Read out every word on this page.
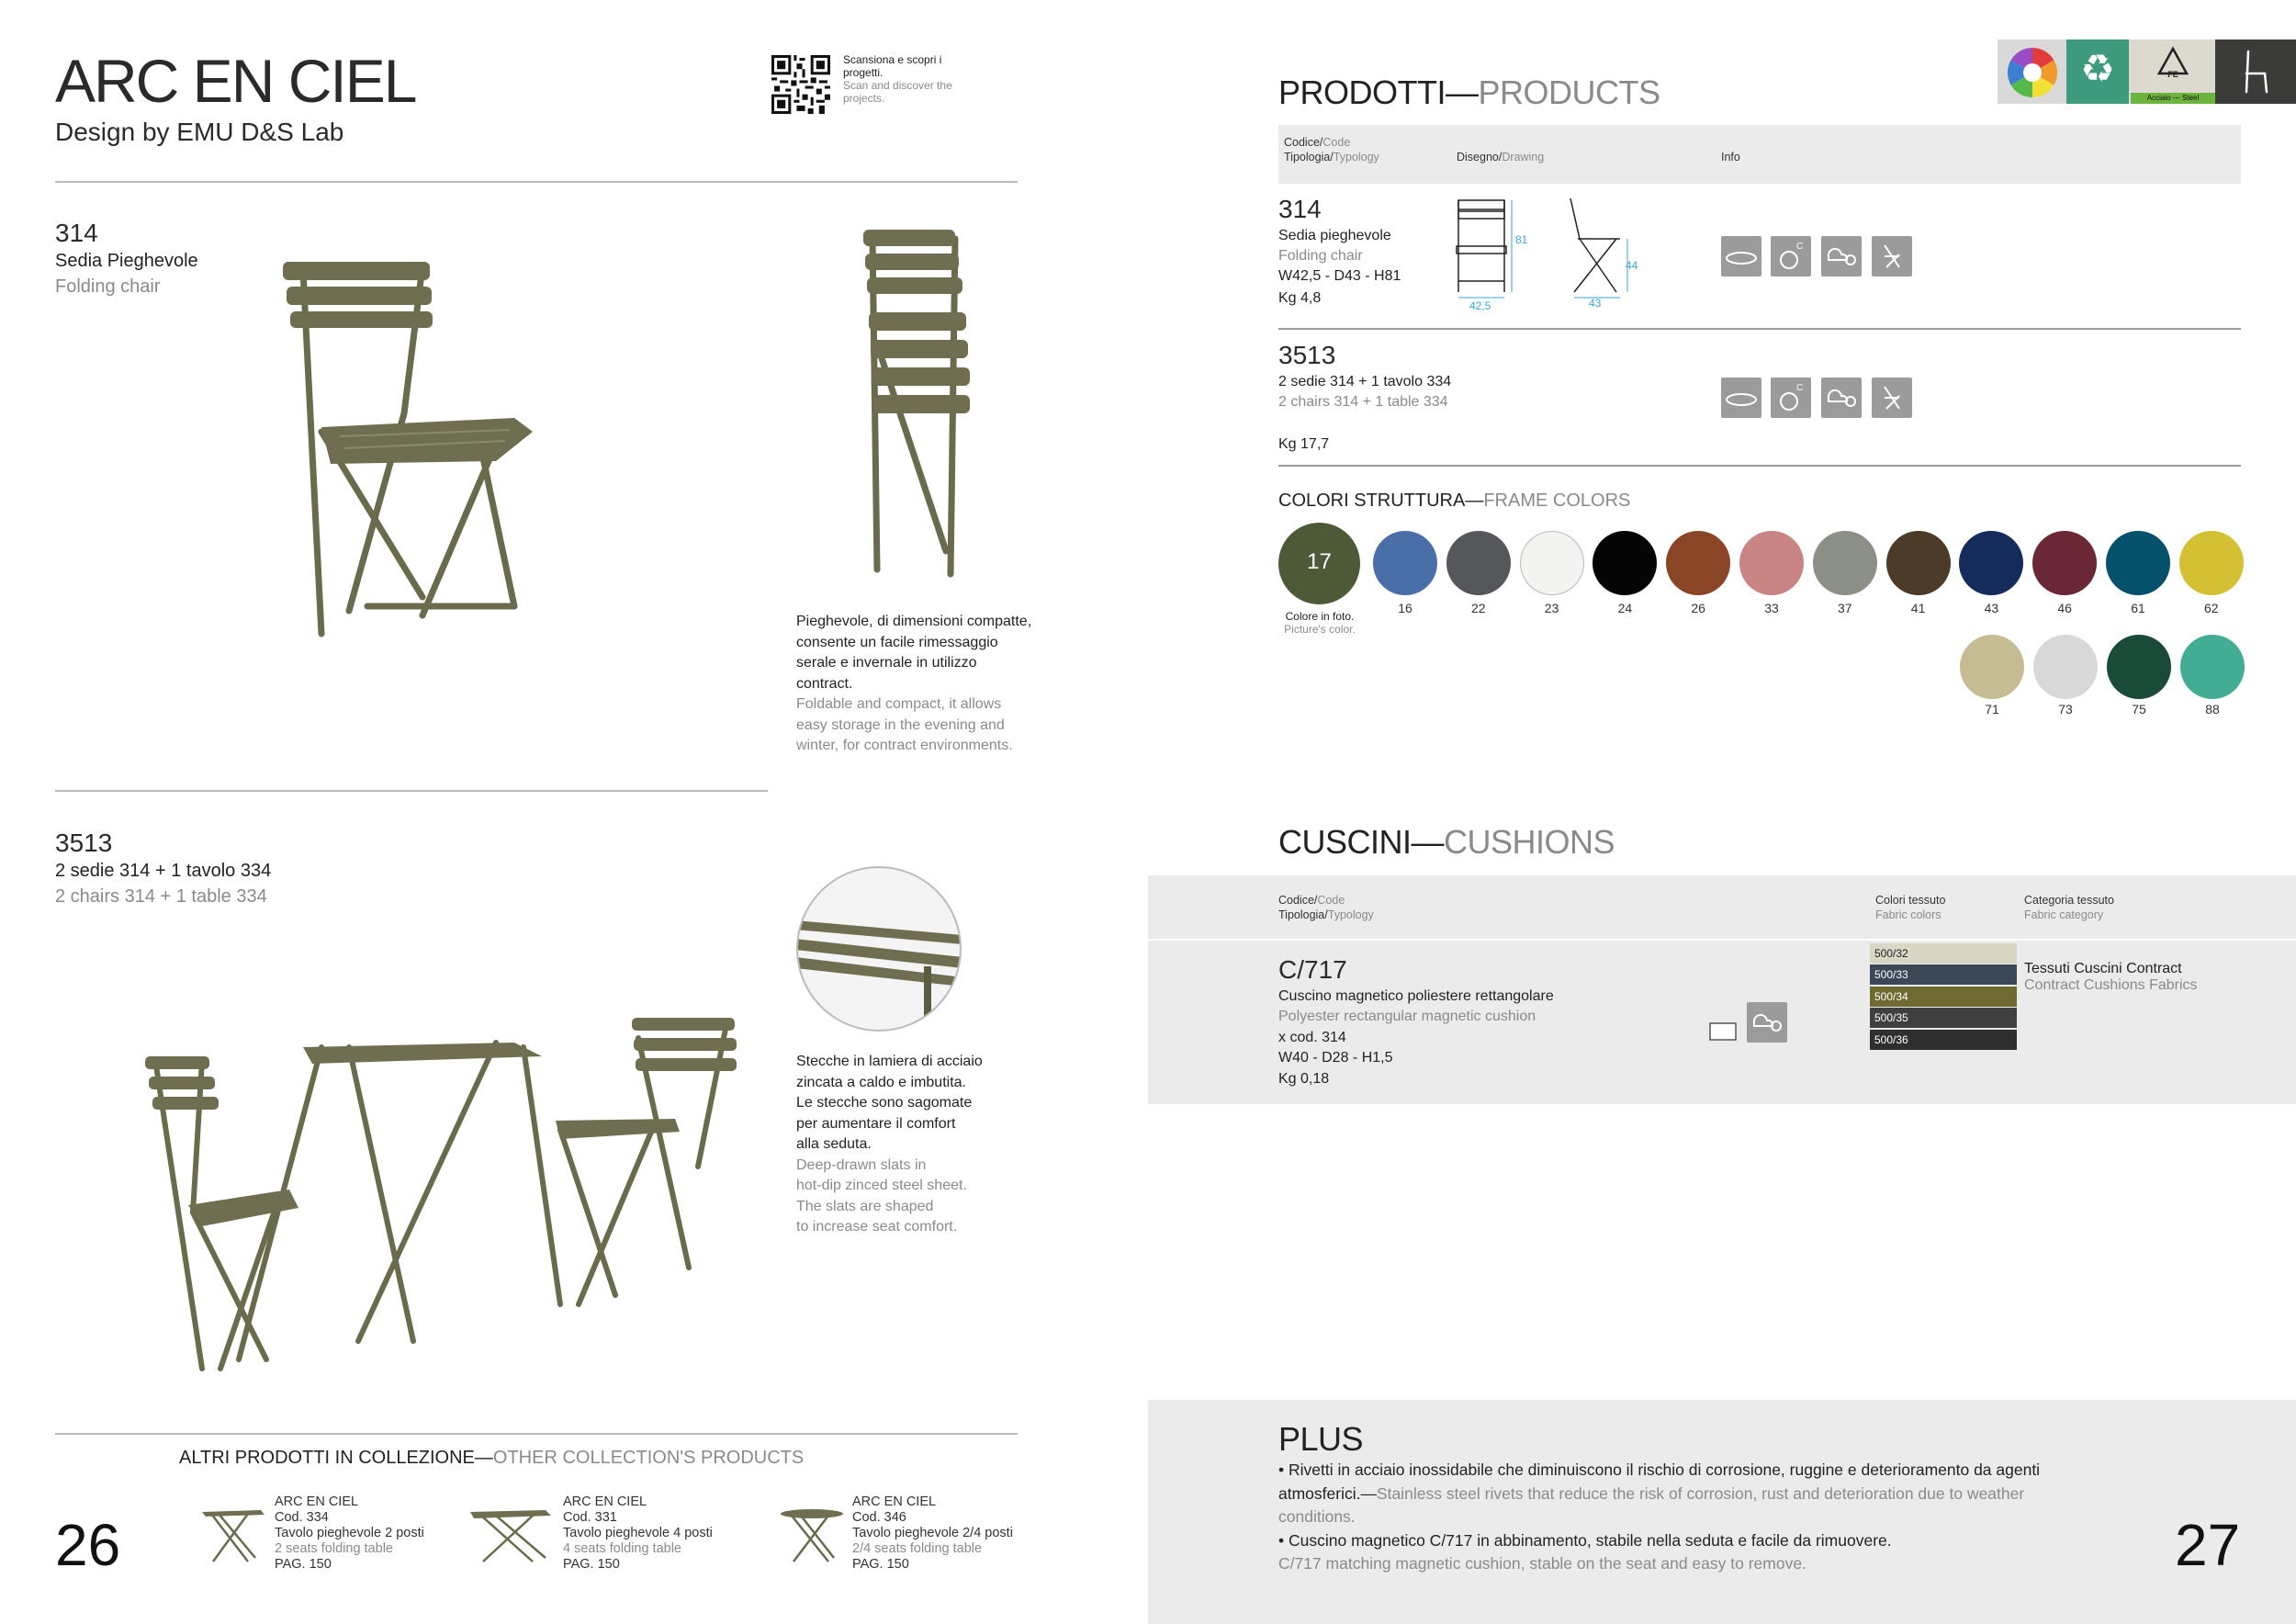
ARC EN CIEL
Design by EMU D&S Lab
Scansiona e scopri i progetti.
Scan and discover the projects.
314
Sedia Pieghevole
Folding chair
Pieghevole, di dimensioni compatte,
consente un facile rimessaggio
serale e invernale in utilizzo
contract.
Foldable and compact, it allows
easy storage in the evening and
winter, for contract environments.
3513
2 sedie 314 + 1 tavolo 334
2 chairs 314 + 1 table 334
Stecche in lamiera di acciaio
zincata a caldo e imbutita.
Le stecche sono sagomate
per aumentare il comfort
alla seduta.
Deep-drawn slats in
hot-dip zinced steel sheet.
The slats are shaped
to increase seat comfort.
ALTRI PRODOTTI IN COLLEZIONE—OTHER COLLECTION'S PRODUCTS
ARC EN CIEL
Cod. 334
Tavolo pieghevole 2 posti
2 seats folding table
PAG. 150
ARC EN CIEL
Cod. 331
Tavolo pieghevole 4 posti
4 seats folding table
PAG. 150
ARC EN CIEL
Cod. 346
Tavolo pieghevole 2/4 posti
2/4 seats folding table
PAG. 150
26
♻	FE
Acciaio — Steel
PRODOTTI—PRODUCTS
Codice/Code
Tipologia/Typology	Disegno/Drawing	Info
314
Sedia pieghevole
Folding chair
W42,5 - D43 - H81
Kg 4,8
81
42,5
44
43
C
3513
2 sedie 314 + 1 tavolo 334
2 chairs 314 + 1 table 334
Kg 17,7
C
COLORI STRUTTURA—FRAME COLORS
17
Colore in foto.
Picture's color.
16	22	23	24	26	33	37	41	43	46	61	62
71	73	75	88
CUSCINI—CUSHIONS
Codice/Code
Tipologia/Typology
Colori tessuto
Fabric colors
Categoria tessuto
Fabric category
C/717
Cuscino magnetico poliestere rettangolare
Polyester rectangular magnetic cushion
x cod. 314
W40 - D28 - H1,5
Kg 0,18
500/32
500/33
500/34
500/35
500/36
Tessuti Cuscini Contract
Contract Cushions Fabrics
PLUS
• Rivetti in acciaio inossidabile che diminuiscono il rischio di corrosione, ruggine e deterioramento da agenti
atmosferici.—Stainless steel rivets that reduce the risk of corrosion, rust and deterioration due to weather
conditions.
• Cuscino magnetico C/717 in abbinamento, stabile nella seduta e facile da rimuovere.
C/717 matching magnetic cushion, stable on the seat and easy to remove.	27
